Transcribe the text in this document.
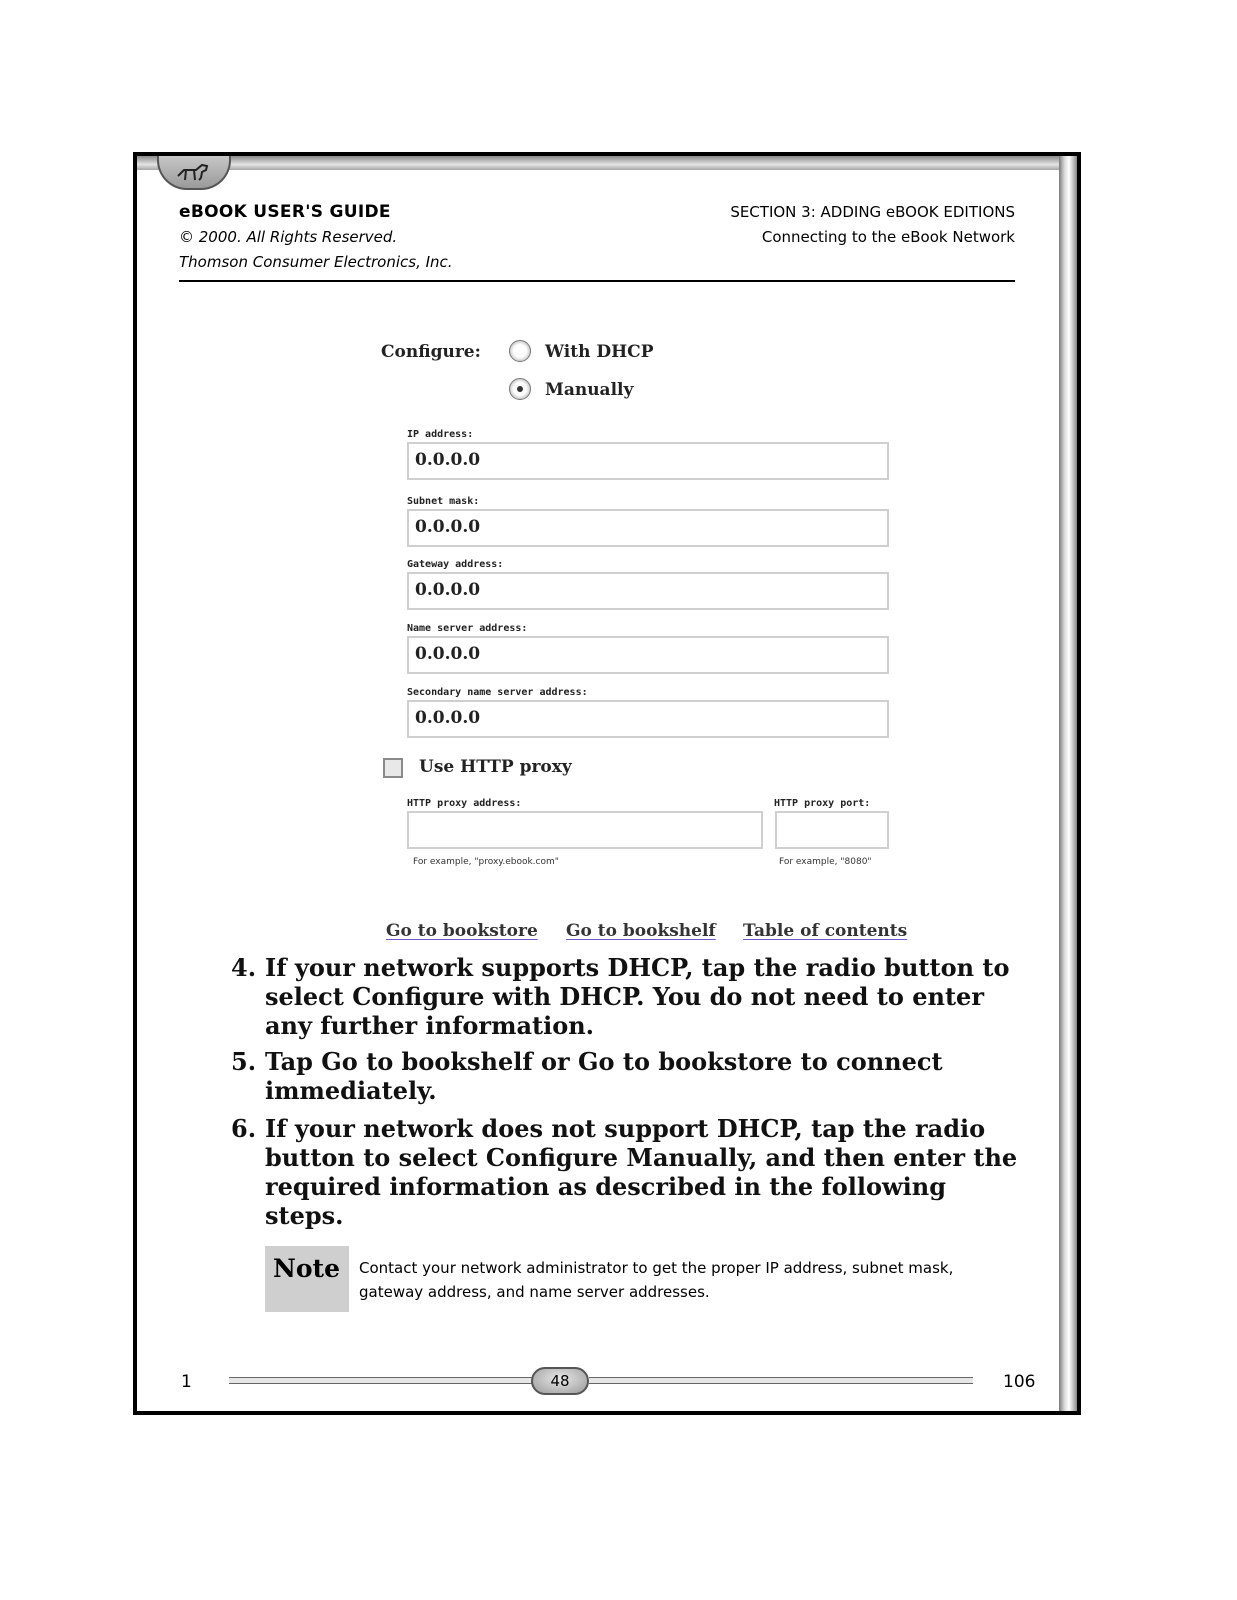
eBOOK USER'S GUIDE
© 2000. All Rights Reserved.
Thomson Consumer Electronics, Inc.
SECTION 3: ADDING eBOOK EDITIONS
Connecting to the eBook Network
Configure:	With DHCP
Manually
IP address:
0.0.0.0
Subnet mask:
0.0.0.0
Gateway address:
0.0.0.0
Name server address:
0.0.0.0
Secondary name server address:
0.0.0.0
Use HTTP proxy
HTTP proxy address:
For example, "proxy.ebook.com"
HTTP proxy port:
For example, "8080"
Go to bookstore Go to bookshelf Table of contents
4. If your network supports DHCP, tap the radio button to select Configure with DHCP. You do not need to enter any further information.
5. Tap Go to bookshelf or Go to bookstore to connect immediately.
6. If your network does not support DHCP, tap the radio button to select Configure Manually, and then enter the required information as described in the following steps.
Note	Contact your network administrator to get the proper IP address, subnet mask, gateway address, and name server addresses.
1	48	106
